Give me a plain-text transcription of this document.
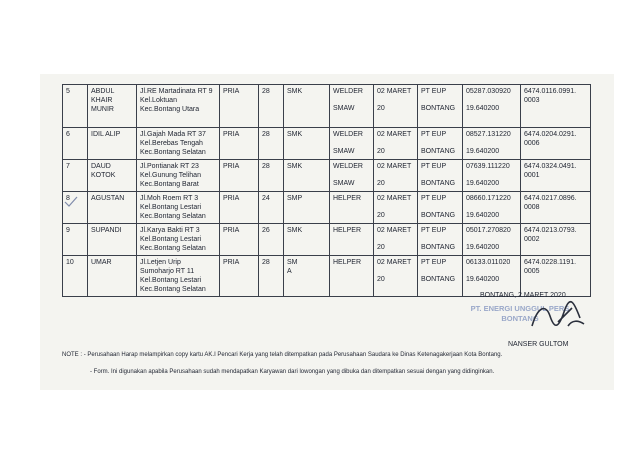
5	ABDUL
KHAIR
MUNIR	Jl.RE Martadinata RT 9
Kel.Loktuan
Kec.Bontang Utara	PRIA	28	SMK	WELDER
SMAW	02 MARET
20	PT EUP
BONTANG	05287.030920
19.640200	6474.0116.0991.
0003

6	IDIL ALIP	Jl.Gajah Mada RT 37
Kel.Berebas Tengah
Kec.Bontang Selatan	PRIA	28	SMK	WELDER
SMAW	02 MARET
20	PT EUP
BONTANG	08527.131220
19.640200	6474.0204.0291.
0006

7	DAUD
KOTOK	Jl.Pontianak RT 23
Kel.Gunung Telihan
Kec.Bontang Barat	PRIA	28	SMK	WELDER
SMAW	02 MARET
20	PT EUP
BONTANG	07639.111220
19.640200	6474.0324.0491.
0001

8	AGUSTAN	Jl.Moh Roem RT 3
Kel.Bontang Lestari
Kec.Bontang Selatan	PRIA	24	SMP	HELPER	02 MARET
20	PT EUP
BONTANG	08660.171220
19.640200	6474.0217.0896.
0008

9	SUPANDI	Jl.Karya Bakti RT 3
Kel.Bontang Lestari
Kec.Bontang Selatan	PRIA	26	SMK	HELPER	02 MARET
20	PT EUP
BONTANG	05017.270820
19.640200	6474.0213.0793.
0002

10	UMAR	Jl.Letjen Urip
Sumoharjo RT 11
Kel.Bontang Lestari
Kec.Bontang Selatan	PRIA	28	SM
A	HELPER	02 MARET
20	PT EUP
BONTANG	06133.011020
19.640200	6474.0228.1191.
0005
BONTANG, 2 MARET 2020
PT. ENERGI UNGGUL PERS
BONTANG
NANSER GULTOM
NOTE : - Perusahaan Harap melampirkan copy kartu AK.I Pencari Kerja yang telah ditempatkan pada Perusahaan Saudara ke Dinas Ketenagakerjaan Kota Bontang.
- Form. Ini digunakan apabila Perusahaan sudah mendapatkan Karyawan dari lowongan yang dibuka dan ditempatkan sesuai dengan yang didinginkan.
